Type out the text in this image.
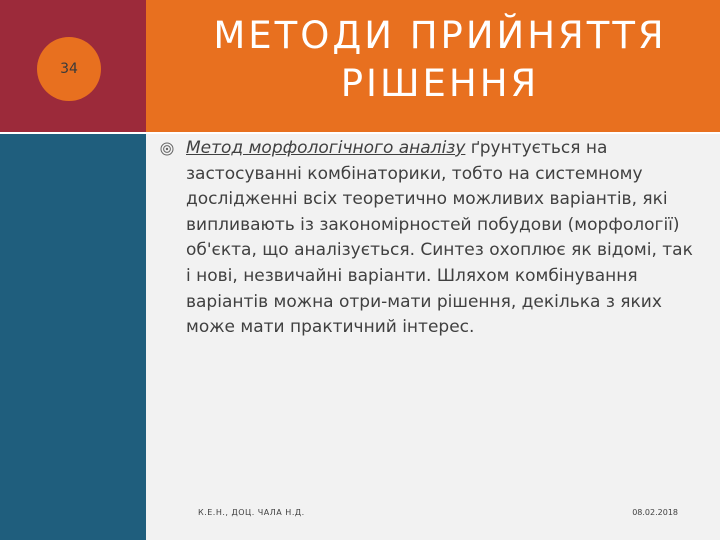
34
МЕТОДИ ПРИЙНЯТТЯ
РІШЕННЯ

Метод морфологічного аналізу ґрунтується на застосуванні комбінаторики, тобто на системному дослідженні всіх теоретично можливих варіантів, які випливають із закономірностей побудови (морфології) об'єкта, що аналізується. Синтез охоплює як відомі, так і нові, незвичайні варіанти. Шляхом комбінування варіантів можна отри-мати рішення, декілька з яких може мати практичний інтерес.

К.Е.Н., ДОЦ. ЧАЛА Н.Д.	08.02.2018
